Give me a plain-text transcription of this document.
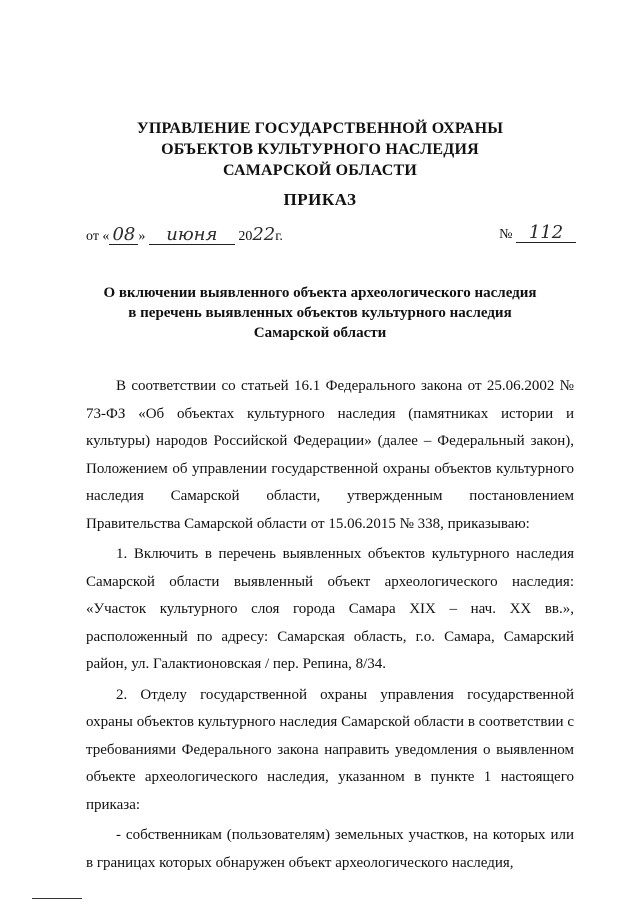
УПРАВЛЕНИЕ ГОСУДАРСТВЕННОЙ ОХРАНЫ
ОБЪЕКТОВ КУЛЬТУРНОГО НАСЛЕДИЯ
САМАРСКОЙ ОБЛАСТИ
ПРИКАЗ
от « 08 » июня 2022г.	№ 112
О включении выявленного объекта археологического наследия
в перечень выявленных объектов культурного наследия
Самарской области

В соответствии со статьей 16.1 Федерального закона от 25.06.2002 № 73-ФЗ «Об объектах культурного наследия (памятниках истории и культуры) народов Российской Федерации» (далее – Федеральный закон), Положением об управлении государственной охраны объектов культурного наследия Самарской области, утвержденным постановлением Правительства Самарской области от 15.06.2015 № 338, приказываю:

1. Включить в перечень выявленных объектов культурного наследия Самарской области выявленный объект археологического наследия: «Участок культурного слоя города Самара XIX – нач. XX вв.», расположенный по адресу: Самарская область, г.о. Самара, Самарский район, ул. Галактионовская / пер. Репина, 8/34.

2. Отделу государственной охраны управления государственной охраны объектов культурного наследия Самарской области в соответствии с требованиями Федерального закона направить уведомления о выявленном объекте археологического наследия, указанном в пункте 1 настоящего приказа:

- собственникам (пользователям) земельных участков, на которых или в границах которых обнаружен объект археологического наследия,
